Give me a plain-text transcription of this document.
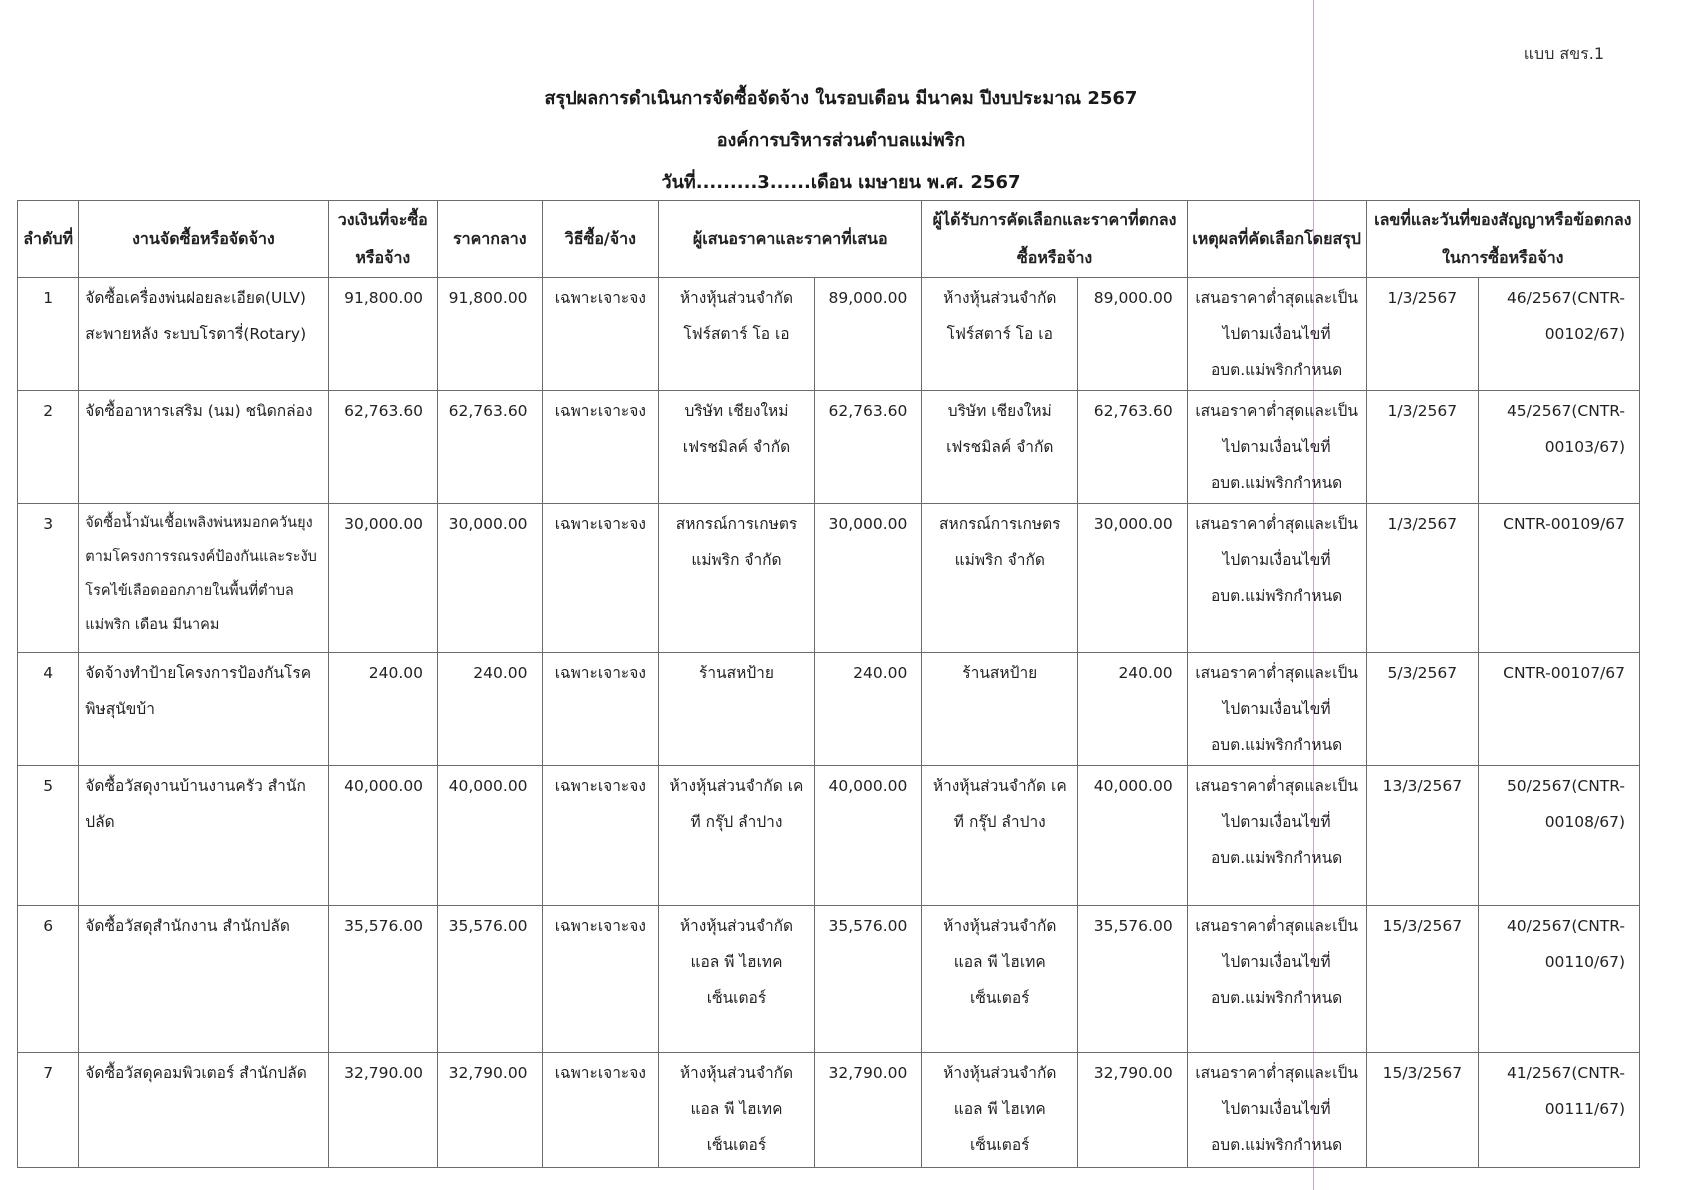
แบบ สขร.1
สรุปผลการดำเนินการจัดซื้อจัดจ้าง ในรอบเดือน มีนาคม ปีงบประมาณ 2567
องค์การบริหารส่วนตำบลแม่พริก
วันที่.........3......เดือน เมษายน พ.ศ. 2567
ลำดับที่	งานจัดซื้อหรือจัดจ้าง	วงเงินที่จะซื้อหรือจ้าง	ราคากลาง	วิธีซื้อ/จ้าง	ผู้เสนอราคาและราคาที่เสนอ		ผู้ได้รับการคัดเลือกและราคาที่ตกลงซื้อหรือจ้าง		เหตุผลที่คัดเลือกโดยสรุป	เลขที่และวันที่ของสัญญาหรือข้อตกลงในการซื้อหรือจ้าง	
1	จัดซื้อเครื่องพ่นฝอยละเอียด(ULV) สะพายหลัง ระบบโรตารี่(Rotary)	91,800.00	91,800.00	เฉพาะเจาะจง	ห้างหุ้นส่วนจำกัด โฟร์สตาร์ โอ เอ	89,000.00	ห้างหุ้นส่วนจำกัด โฟร์สตาร์ โอ เอ	89,000.00	เสนอราคาต่ำสุดและเป็นไปตามเงื่อนไขที่ อบต.แม่พริกกำหนด	1/3/2567	46/2567(CNTR-00102/67)
2	จัดซื้ออาหารเสริม (นม) ชนิดกล่อง	62,763.60	62,763.60	เฉพาะเจาะจง	บริษัท เชียงใหม่ เฟรชมิลค์ จำกัด	62,763.60	บริษัท เชียงใหม่ เฟรชมิลค์ จำกัด	62,763.60	เสนอราคาต่ำสุดและเป็นไปตามเงื่อนไขที่ อบต.แม่พริกกำหนด	1/3/2567	45/2567(CNTR-00103/67)
3	จัดซื้อน้ำมันเชื้อเพลิงพ่นหมอกควันยุงตามโครงการรณรงค์ป้องกันและระงับโรคไข้เลือดออกภายในพื้นที่ตำบลแม่พริก เดือน มีนาคม	30,000.00	30,000.00	เฉพาะเจาะจง	สหกรณ์การเกษตรแม่พริก จำกัด	30,000.00	สหกรณ์การเกษตรแม่พริก จำกัด	30,000.00	เสนอราคาต่ำสุดและเป็นไปตามเงื่อนไขที่ อบต.แม่พริกกำหนด	1/3/2567	CNTR-00109/67
4	จัดจ้างทำป้ายโครงการป้องกันโรคพิษสุนัขบ้า	240.00	240.00	เฉพาะเจาะจง	ร้านสหป้าย	240.00	ร้านสหป้าย	240.00	เสนอราคาต่ำสุดและเป็นไปตามเงื่อนไขที่ อบต.แม่พริกกำหนด	5/3/2567	CNTR-00107/67
5	จัดซื้อวัสดุงานบ้านงานครัว สำนักปลัด	40,000.00	40,000.00	เฉพาะเจาะจง	ห้างหุ้นส่วนจำกัด เค ที กรุ๊ป ลำปาง	40,000.00	ห้างหุ้นส่วนจำกัด เค ที กรุ๊ป ลำปาง	40,000.00	เสนอราคาต่ำสุดและเป็นไปตามเงื่อนไขที่ อบต.แม่พริกกำหนด	13/3/2567	50/2567(CNTR-00108/67)
6	จัดซื้อวัสดุสำนักงาน สำนักปลัด	35,576.00	35,576.00	เฉพาะเจาะจง	ห้างหุ้นส่วนจำกัด แอล พี ไฮเทค เซ็นเตอร์	35,576.00	ห้างหุ้นส่วนจำกัด แอล พี ไฮเทค เซ็นเตอร์	35,576.00	เสนอราคาต่ำสุดและเป็นไปตามเงื่อนไขที่ อบต.แม่พริกกำหนด	15/3/2567	40/2567(CNTR-00110/67)
7	จัดซื้อวัสดุคอมพิวเตอร์ สำนักปลัด	32,790.00	32,790.00	เฉพาะเจาะจง	ห้างหุ้นส่วนจำกัด แอล พี ไฮเทค เซ็นเตอร์	32,790.00	ห้างหุ้นส่วนจำกัด แอล พี ไฮเทค เซ็นเตอร์	32,790.00	เสนอราคาต่ำสุดและเป็นไปตามเงื่อนไขที่ อบต.แม่พริกกำหนด	15/3/2567	41/2567(CNTR-00111/67)
